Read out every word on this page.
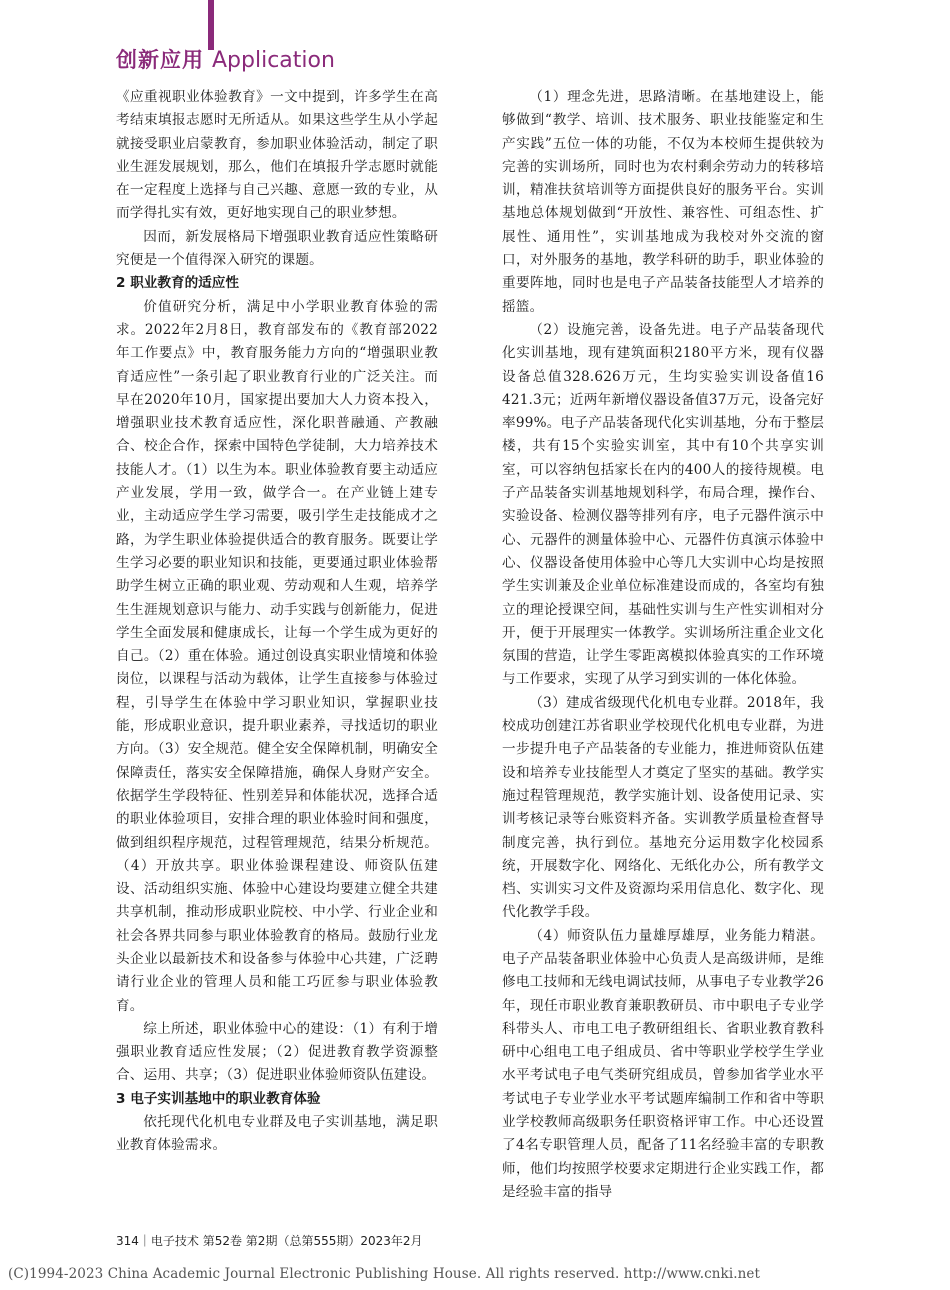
创新应用 Application

《应重视职业体验教育》一文中提到，许多学生在高考结束填报志愿时无所适从。如果这些学生从小学起就接受职业启蒙教育，参加职业体验活动，制定了职业生涯发展规划，那么，他们在填报升学志愿时就能在一定程度上选择与自己兴趣、意愿一致的专业，从而学得扎实有效，更好地实现自己的职业梦想。

因而，新发展格局下增强职业教育适应性策略研究便是一个值得深入研究的课题。

2 职业教育的适应性

价值研究分析，满足中小学职业教育体验的需求。2022年2月8日，教育部发布的《教育部2022年工作要点》中，教育服务能力方向的“增强职业教育适应性”一条引起了职业教育行业的广泛关注。而早在2020年10月，国家提出要加大人力资本投入，增强职业技术教育适应性，深化职普融通、产教融合、校企合作，探索中国特色学徒制，大力培养技术技能人才。（1）以生为本。职业体验教育要主动适应产业发展，学用一致，做学合一。在产业链上建专业，主动适应学生学习需要，吸引学生走技能成才之路，为学生职业体验提供适合的教育服务。既要让学生学习必要的职业知识和技能，更要通过职业体验帮助学生树立正确的职业观、劳动观和人生观，培养学生生涯规划意识与能力、动手实践与创新能力，促进学生全面发展和健康成长，让每一个学生成为更好的自己。（2）重在体验。通过创设真实职业情境和体验岗位，以课程与活动为载体，让学生直接参与体验过程，引导学生在体验中学习职业知识，掌握职业技能，形成职业意识，提升职业素养，寻找适切的职业方向。（3）安全规范。健全安全保障机制，明确安全保障责任，落实安全保障措施，确保人身财产安全。依据学生学段特征、性别差异和体能状况，选择合适的职业体验项目，安排合理的职业体验时间和强度，做到组织程序规范，过程管理规范，结果分析规范。（4）开放共享。职业体验课程建设、师资队伍建设、活动组织实施、体验中心建设均要建立健全共建共享机制，推动形成职业院校、中小学、行业企业和社会各界共同参与职业体验教育的格局。鼓励行业龙头企业以最新技术和设备参与体验中心共建，广泛聘请行业企业的管理人员和能工巧匠参与职业体验教育。

综上所述，职业体验中心的建设：（1）有利于增强职业教育适应性发展；（2）促进教育教学资源整合、运用、共享；（3）促进职业体验师资队伍建设。

3 电子实训基地中的职业教育体验

依托现代化机电专业群及电子实训基地，满足职业教育体验需求。

（1）理念先进，思路清晰。在基地建设上，能够做到“教学、培训、技术服务、职业技能鉴定和生产实践”五位一体的功能，不仅为本校师生提供较为完善的实训场所，同时也为农村剩余劳动力的转移培训，精准扶贫培训等方面提供良好的服务平台。实训基地总体规划做到“开放性、兼容性、可组态性、扩展性、通用性”，实训基地成为我校对外交流的窗口，对外服务的基地，教学科研的助手，职业体验的重要阵地，同时也是电子产品装备技能型人才培养的摇篮。

（2）设施完善，设备先进。电子产品装备现代化实训基地，现有建筑面积2180平方米，现有仪器设备总值328.626万元，生均实验实训设备值16 421.3元；近两年新增仪器设备值37万元，设备完好率99%。电子产品装备现代化实训基地，分布于整层楼，共有15个实验实训室，其中有10个共享实训室，可以容纳包括家长在内的400人的接待规模。电子产品装备实训基地规划科学，布局合理，操作台、实验设备、检测仪器等排列有序，电子元器件演示中心、元器件的测量体验中心、元器件仿真演示体验中心、仪器设备使用体验中心等几大实训中心均是按照学生实训兼及企业单位标准建设而成的，各室均有独立的理论授课空间，基础性实训与生产性实训相对分开，便于开展理实一体教学。实训场所注重企业文化氛围的营造，让学生零距离模拟体验真实的工作环境与工作要求，实现了从学习到实训的一体化体验。

（3）建成省级现代化机电专业群。2018年，我校成功创建江苏省职业学校现代化机电专业群，为进一步提升电子产品装备的专业能力，推进师资队伍建设和培养专业技能型人才奠定了坚实的基础。教学实施过程管理规范，教学实施计划、设备使用记录、实训考核记录等台账资料齐备。实训教学质量检查督导制度完善，执行到位。基地充分运用数字化校园系统，开展数字化、网络化、无纸化办公，所有教学文档、实训实习文件及资源均采用信息化、数字化、现代化教学手段。

（4）师资队伍力量雄厚雄厚，业务能力精湛。电子产品装备职业体验中心负责人是高级讲师，是维修电工技师和无线电调试技师，从事电子专业教学26年，现任市职业教育兼职教研员、市中职电子专业学科带头人、市电工电子教研组组长、省职业教育教科研中心组电工电子组成员、省中等职业学校学生学业水平考试电子电气类研究组成员，曾参加省学业水平考试电子专业学业水平考试题库编制工作和省中等职业学校教师高级职务任职资格评审工作。中心还设置了4名专职管理人员，配备了11名经验丰富的专职教师，他们均按照学校要求定期进行企业实践工作，都是经验丰富的指导

314｜电子技术 第52卷 第2期（总第555期）2023年2月
(C)1994-2023 China Academic Journal Electronic Publishing House. All rights reserved. http://www.cnki.net
